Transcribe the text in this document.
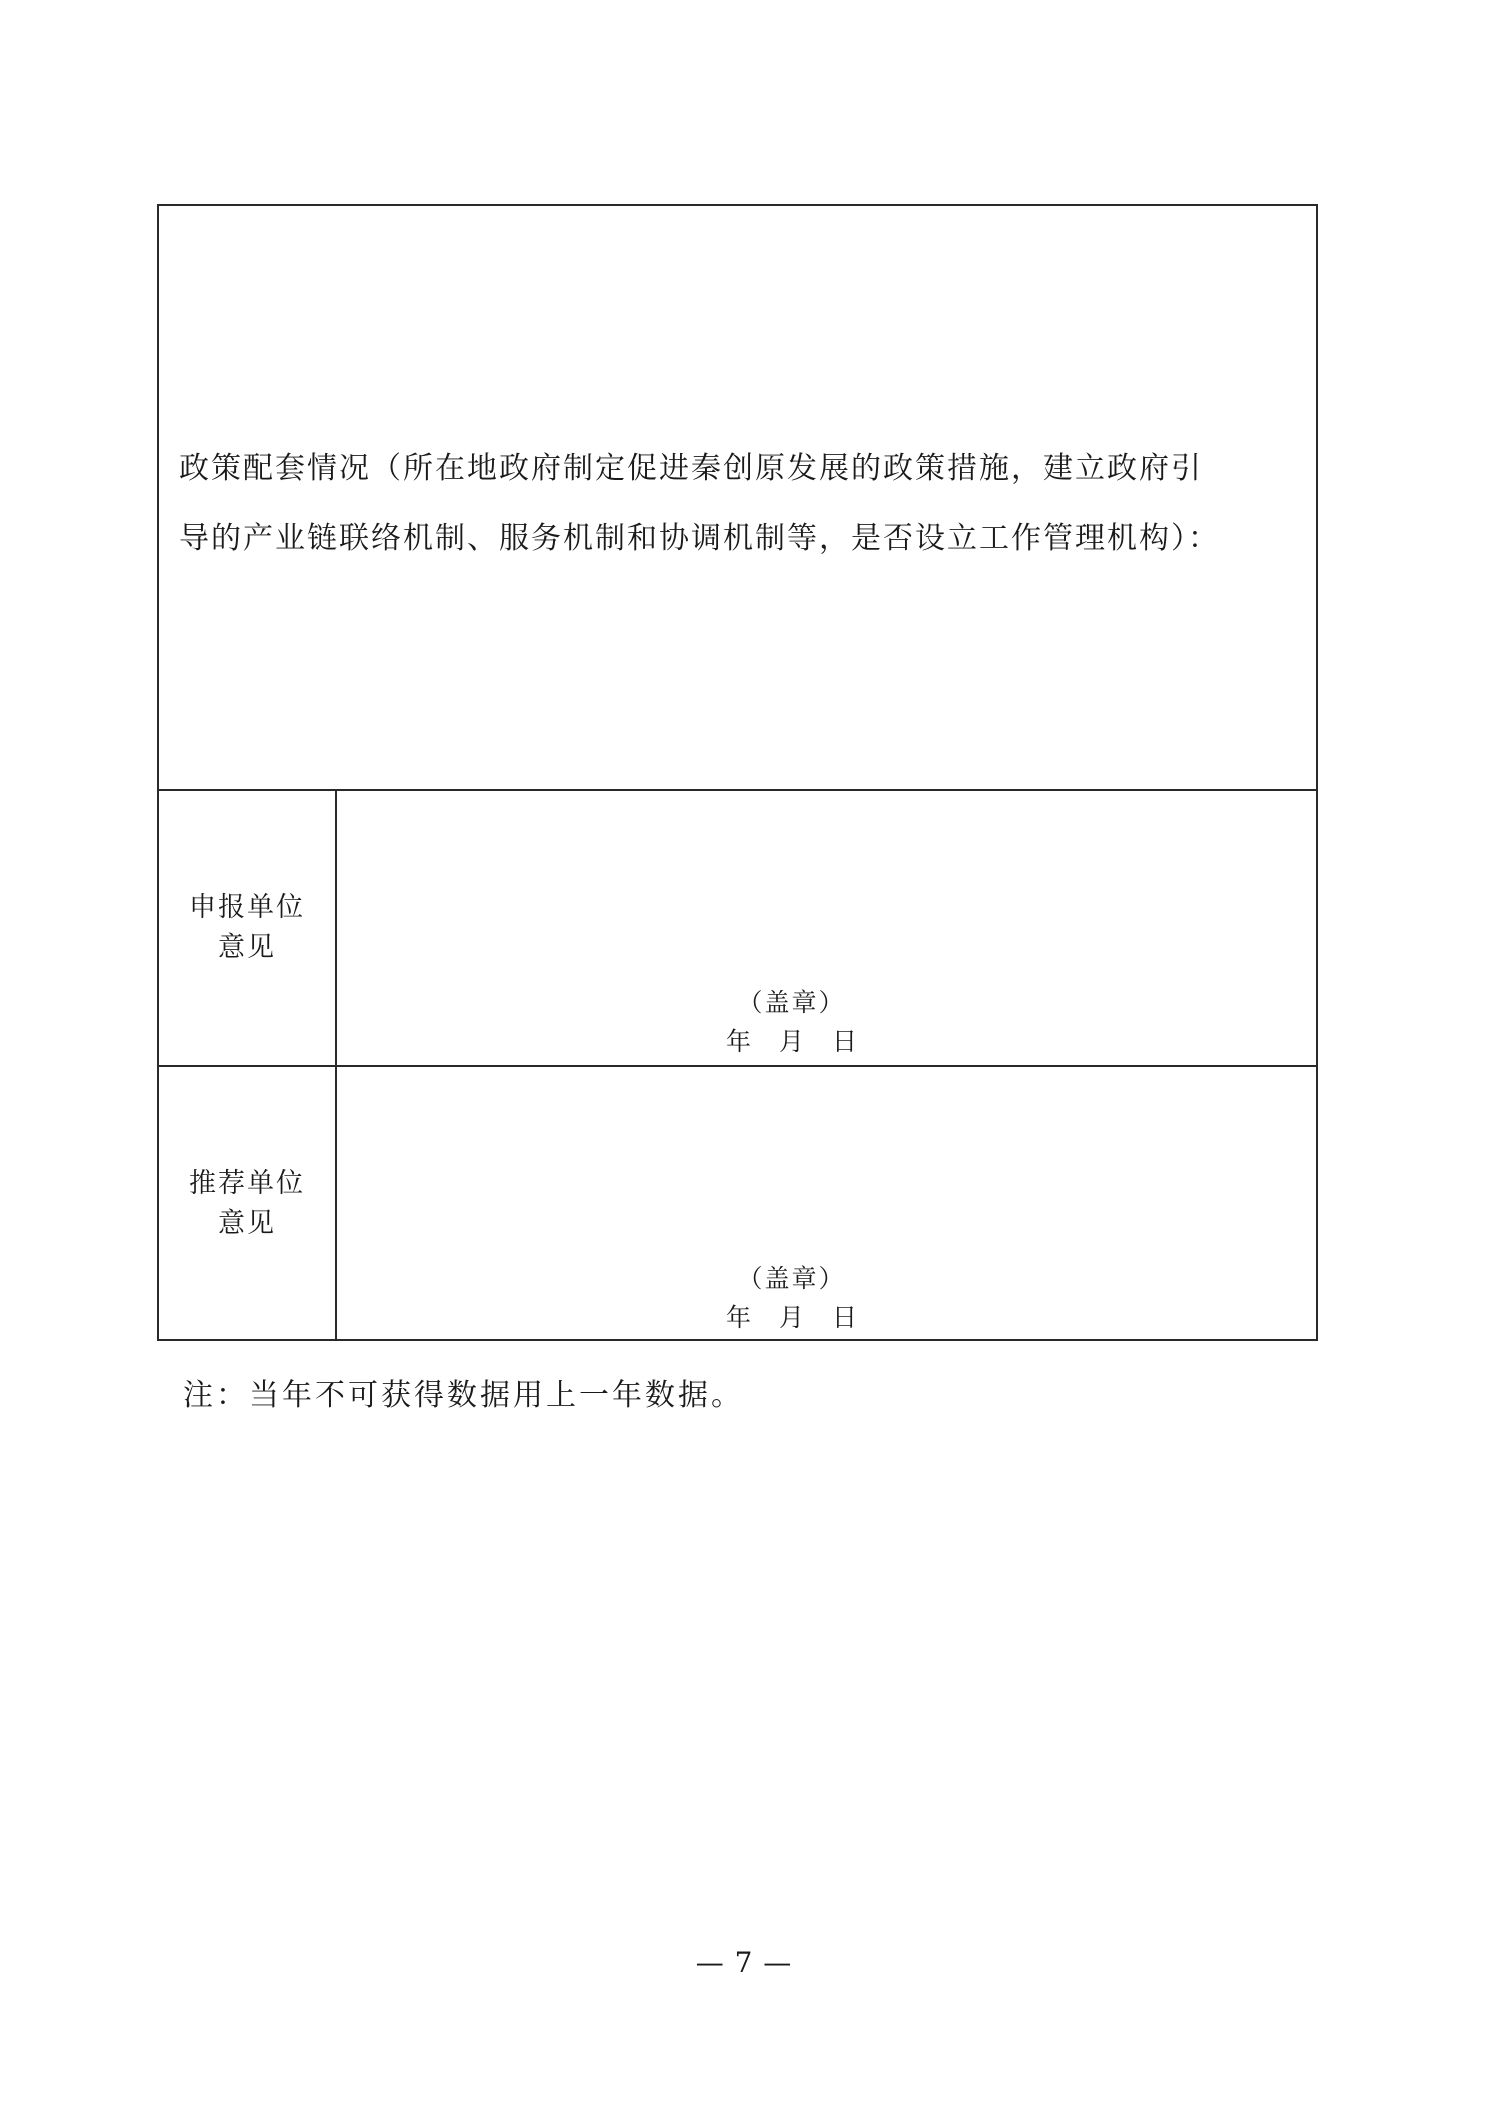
政策配套情况（所在地政府制定促进秦创原发展的政策措施，建立政府引
导的产业链联络机制、服务机制和协调机制等，是否设立工作管理机构）：

申报单位
意见
（盖章）
年 月 日
推荐单位
意见
（盖章）
年 月 日

注：当年不可获得数据用上一年数据。

— 7 —
